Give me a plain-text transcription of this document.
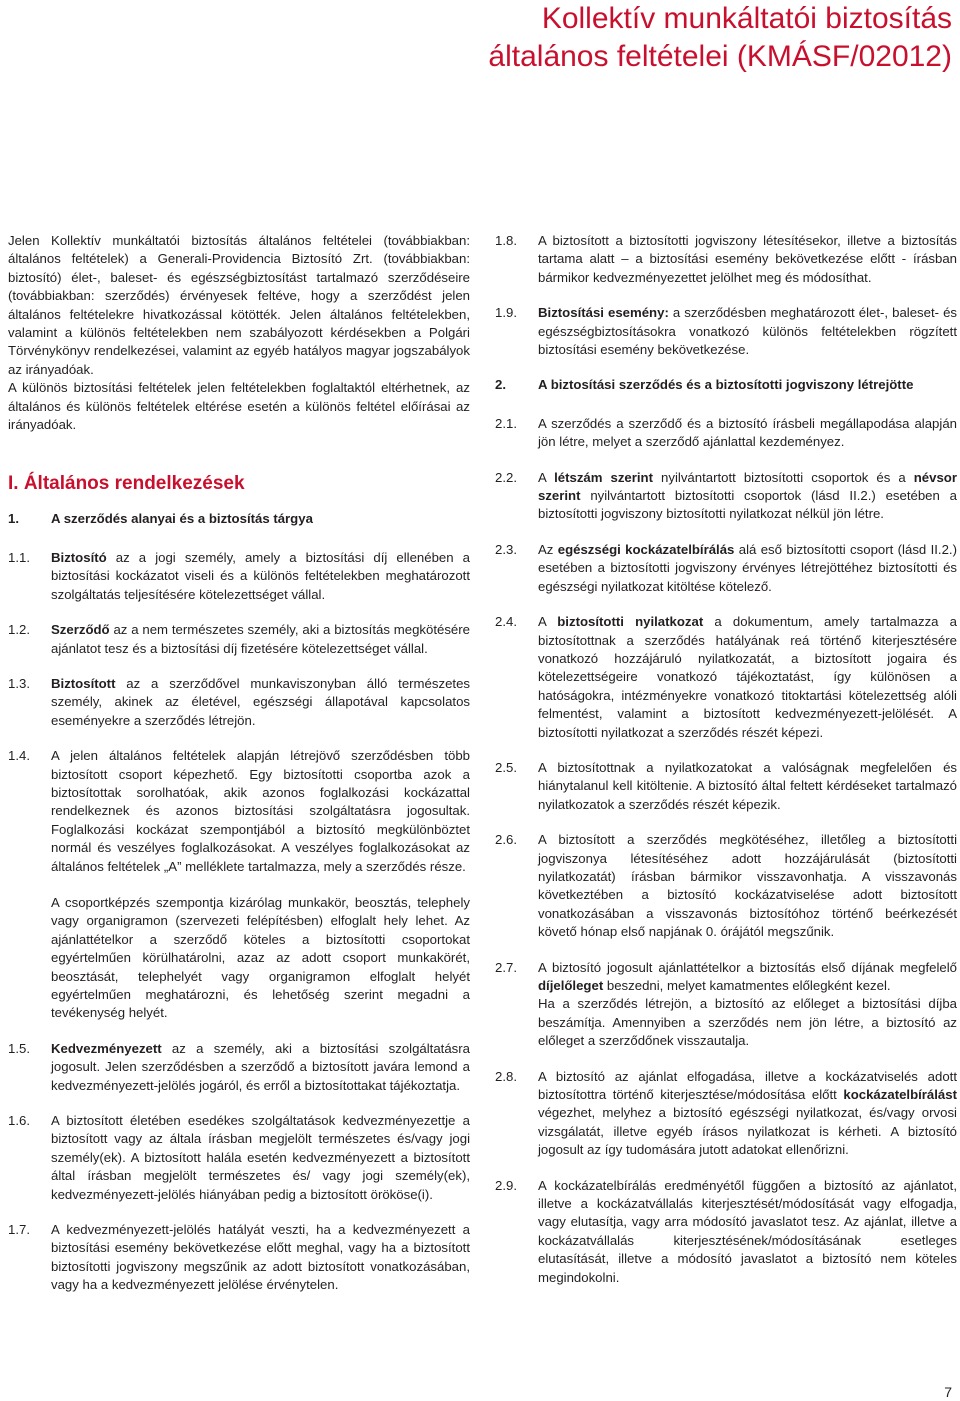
Kollektív munkáltatói biztosítás
általános feltételei (KMÁSF/02012)
Jelen Kollektív munkáltatói biztosítás általános feltételei (továbbiakban: általános feltételek) a Generali-Providencia Biztosító Zrt. (továbbiakban: biztosító) élet-, baleset- és egészségbiztosítást tartalmazó szerződéseire (továbbiakban: szerződés) érvényesek feltéve, hogy a szerződést jelen általános feltételekre hivatkozással kötötték. Jelen általános feltételekben, valamint a különös feltételekben nem szabályozott kérdésekben a Polgári Törvénykönyv rendelkezései, valamint az egyéb hatályos magyar jogszabályok az irányadóak.
A különös biztosítási feltételek jelen feltételekben foglaltaktól eltérhetnek, az általános és különös feltételek eltérése esetén a különös feltétel előírásai az irányadóak.
I. Általános rendelkezések
1.	A szerződés alanyai és a biztosítás tárgya
1.1.	Biztosító az a jogi személy, amely a biztosítási díj ellenében a biztosítási kockázatot viseli és a különös feltételekben meghatározott szolgáltatás teljesítésére kötelezettséget vállal.
1.2.	Szerződő az a nem természetes személy, aki a biztosítás megkötésére ajánlatot tesz és a biztosítási díj fizetésére kötelezettséget vállal.
1.3.	Biztosított az a szerződővel munkaviszonyban álló természetes személy, akinek az életével, egészségi állapotával kapcsolatos eseményekre a szerződés létrejön.
1.4.	A jelen általános feltételek alapján létrejövő szerződésben több biztosított csoport képezhető. Egy biztosítotti csoportba azok a biztosítottak sorolhatóak, akik azonos foglalkozási kockázattal rendelkeznek és azonos biztosítási szolgáltatásra jogosultak. Foglalkozási kockázat szempontjából a biztosító megkülönböztet normál és veszélyes foglalkozásokat. A veszélyes foglalkozásokat az általános feltételek „A” melléklete tartalmazza, mely a szerződés része.

A csoportképzés szempontja kizárólag munkakör, beosztás, telephely vagy organigramon (szervezeti felépítésben) elfoglalt hely lehet. Az ajánlattételkor a szerződő köteles a biztosítotti csoportokat egyértelműen körülhatárolni, azaz az adott csoport munkakörét, beosztását, telephelyét vagy organigramon elfoglalt helyét egyértelműen meghatározni, és lehetőség szerint megadni a tevékenység helyét.

1.5.	Kedvezményezett az a személy, aki a biztosítási szolgáltatásra jogosult. Jelen szerződésben a szerződő a biztosított javára lemond a kedvezményezett-jelölés jogáról, és erről a biztosítottakat tájékoztatja.
1.6.	A biztosított életében esedékes szolgáltatások kedvezményezettje a biztosított vagy az általa írásban megjelölt természetes és/vagy jogi személy(ek). A biztosított halála esetén kedvezményezett a biztosított által írásban megjelölt természetes és/ vagy jogi személy(ek), kedvezményezett-jelölés hiányában pedig a biztosított örököse(i).
1.7.	A kedvezményezett-jelölés hatályát veszti, ha a kedvezményezett a biztosítási esemény bekövetkezése előtt meghal, vagy ha a biztosított biztosítotti jogviszony megszűnik az adott biztosított vonatkozásában, vagy ha a kedvezményezett jelölése érvénytelen.
1.8.	A biztosított a biztosítotti jogviszony létesítésekor, illetve a biztosítás tartama alatt – a biztosítási esemény bekövetkezése előtt - írásban bármikor kedvezményezettet jelölhet meg és módosíthat.
1.9.	Biztosítási esemény: a szerződésben meghatározott élet-, baleset- és egészségbiztosításokra vonatkozó különös feltételekben rögzített biztosítási esemény bekövetkezése.
2.	A biztosítási szerződés és a biztosítotti jogviszony létrejötte
2.1.	A szerződés a szerződő és a biztosító írásbeli megállapodása alapján jön létre, melyet a szerződő ajánlattal kezdeményez.
2.2.	A létszám szerint nyilvántartott biztosítotti csoportok és a névsor szerint nyilvántartott biztosítotti csoportok (lásd II.2.) esetében a biztosítotti jogviszony biztosítotti nyilatkozat nélkül jön létre.
2.3.	Az egészségi kockázatelbírálás alá eső biztosítotti csoport (lásd II.2.) esetében a biztosítotti jogviszony érvényes létrejöttéhez biztosítotti és egészségi nyilatkozat kitöltése kötelező.
2.4.	A biztosítotti nyilatkozat a dokumentum, amely tartalmazza a biztosítottnak a szerződés hatályának reá történő kiterjesztésére vonatkozó hozzájáruló nyilatkozatát, a biztosított jogaira és kötelezettségeire vonatkozó tájékoztatást, így különösen a hatóságokra, intézményekre vonatkozó titoktartási kötelezettség alóli felmentést, valamint a biztosított kedvezményezett-jelölését. A biztosítotti nyilatkozat a szerződés részét képezi.
2.5.	A biztosítottnak a nyilatkozatokat a valóságnak megfelelően és hiánytalanul kell kitöltenie. A biztosító által feltett kérdéseket tartalmazó nyilatkozatok a szerződés részét képezik.
2.6.	A biztosított a szerződés megkötéséhez, illetőleg a biztosítotti jogviszonya létesítéséhez adott hozzájárulását (biztosítotti nyilatkozatát) írásban bármikor visszavonhatja. A visszavonás következtében a biztosító kockázatviselése adott biztosított vonatkozásában a visszavonás biztosítóhoz történő beérkezését követő hónap első napjának 0. órájától megszűnik.
2.7.	A biztosító jogosult ajánlattételkor a biztosítás első díjának megfelelő díjelőleget beszedni, melyet kamatmentes előlegként kezel.

Ha a szerződés létrejön, a biztosító az előleget a biztosítási díjba beszámítja. Amennyiben a szerződés nem jön létre, a biztosító az előleget a szerződőnek visszautalja.

2.8.	A biztosító az ajánlat elfogadása, illetve a kockázatviselés adott biztosítottra történő kiterjesztése/módosítása előtt kockázatelbírálást végezhet, melyhez a biztosító egészségi nyilatkozat, és/vagy orvosi vizsgálatát, illetve egyéb írásos nyilatkozat is kérheti. A biztosító jogosult az így tudomására jutott adatokat ellenőrizni.
2.9.	A kockázatelbírálás eredményétől függően a biztosító az ajánlatot, illetve a kockázatvállalás kiterjesztését/módosítását vagy elfogadja, vagy elutasítja, vagy arra módosító javaslatot tesz. Az ajánlat, illetve a kockázatvállalás kiterjesztésének/módosításának esetleges elutasítását, illetve a módosító javaslatot a biztosító nem köteles megindokolni.
7
